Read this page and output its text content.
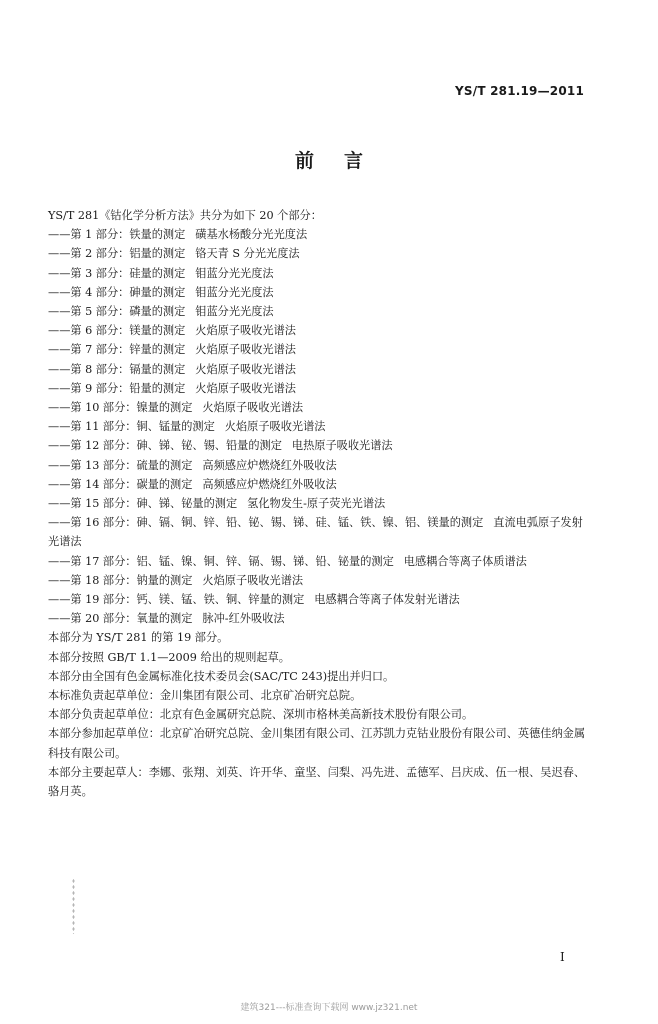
YS/T 281.19—2011
前言
YS/T 281《钴化学分析方法》共分为如下 20 个部分：
——第 1 部分：铁量的测定 磺基水杨酸分光光度法
——第 2 部分：铝量的测定 铬天青 S 分光光度法
——第 3 部分：硅量的测定 钼蓝分光光度法
——第 4 部分：砷量的测定 钼蓝分光光度法
——第 5 部分：磷量的测定 钼蓝分光光度法
——第 6 部分：镁量的测定 火焰原子吸收光谱法
——第 7 部分：锌量的测定 火焰原子吸收光谱法
——第 8 部分：镉量的测定 火焰原子吸收光谱法
——第 9 部分：铅量的测定 火焰原子吸收光谱法
——第 10 部分：镍量的测定 火焰原子吸收光谱法
——第 11 部分：铜、锰量的测定 火焰原子吸收光谱法
——第 12 部分：砷、锑、铋、锡、铅量的测定 电热原子吸收光谱法
——第 13 部分：硫量的测定 高频感应炉燃烧红外吸收法
——第 14 部分：碳量的测定 高频感应炉燃烧红外吸收法
——第 15 部分：砷、锑、铋量的测定 氢化物发生-原子荧光光谱法
——第 16 部分：砷、镉、铜、锌、铅、铋、锡、锑、硅、锰、铁、镍、铝、镁量的测定 直流电弧原子发射光谱法
——第 17 部分：铝、锰、镍、铜、锌、镉、锡、锑、铅、铋量的测定 电感耦合等离子体质谱法
——第 18 部分：钠量的测定 火焰原子吸收光谱法
——第 19 部分：钙、镁、锰、铁、铜、锌量的测定 电感耦合等离子体发射光谱法
——第 20 部分：氧量的测定 脉冲-红外吸收法
本部分为 YS/T 281 的第 19 部分。
本部分按照 GB/T 1.1—2009 给出的规则起草。
本部分由全国有色金属标准化技术委员会(SAC/TC 243)提出并归口。
本标准负责起草单位：金川集团有限公司、北京矿冶研究总院。
本部分负责起草单位：北京有色金属研究总院、深圳市格林美高新技术股份有限公司。
本部分参加起草单位：北京矿冶研究总院、金川集团有限公司、江苏凯力克钴业股份有限公司、英德佳纳金属科技有限公司。
本部分主要起草人：李娜、张翔、刘英、许开华、童坚、闫梨、冯先进、孟德军、吕庆成、伍一根、吴迟春、骆月英。
I
建筑321---标准查询下载网 www.jz321.net
